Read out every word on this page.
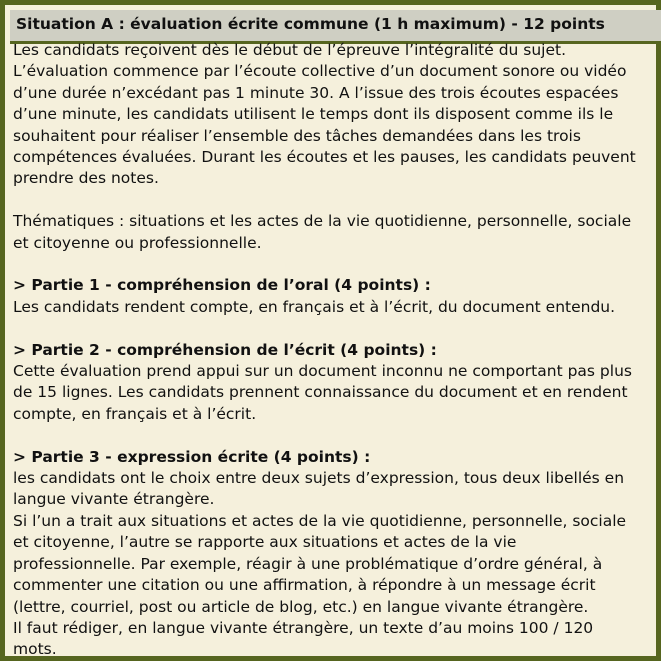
Situation A : évaluation écrite commune (1 h maximum) - 12 points
Les candidats reçoivent dès le début de l’épreuve l’intégralité du sujet.
L’évaluation commence par l’écoute collective d’un document sonore ou vidéo
d’une durée n’excédant pas 1 minute 30. A l’issue des trois écoutes espacées
d’une minute, les candidats utilisent le temps dont ils disposent comme ils le
souhaitent pour réaliser l’ensemble des tâches demandées dans les trois
compétences évaluées. Durant les écoutes et les pauses, les candidats peuvent
prendre des notes.
Thématiques : situations et les actes de la vie quotidienne, personnelle, sociale
et citoyenne ou professionnelle.
> Partie 1 - compréhension de l’oral (4 points) :
Les candidats rendent compte, en français et à l’écrit, du document entendu.
> Partie 2 - compréhension de l’écrit (4 points) :
Cette évaluation prend appui sur un document inconnu ne comportant pas plus
de 15 lignes. Les candidats prennent connaissance du document et en rendent
compte, en français et à l’écrit.
> Partie 3 - expression écrite (4 points) :
les candidats ont le choix entre deux sujets d’expression, tous deux libellés en
langue vivante étrangère.
Si l’un a trait aux situations et actes de la vie quotidienne, personnelle, sociale
et citoyenne, l’autre se rapporte aux situations et actes de la vie
professionnelle. Par exemple, réagir à une problématique d’ordre général, à
commenter une citation ou une affirmation, à répondre à un message écrit
(lettre, courriel, post ou article de blog, etc.) en langue vivante étrangère.
Il faut rédiger, en langue vivante étrangère, un texte d’au moins 100 / 120
mots.
